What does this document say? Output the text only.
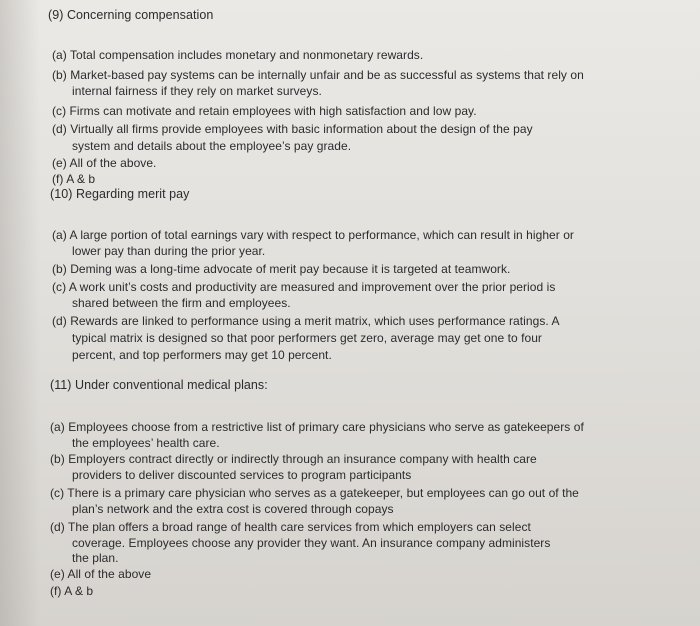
(9) Concerning compensation
(a) Total compensation includes monetary and nonmonetary rewards.
(b) Market-based pay systems can be internally unfair and be as successful as systems that rely on
internal fairness if they rely on market surveys.
(c) Firms can motivate and retain employees with high satisfaction and low pay.
(d) Virtually all firms provide employees with basic information about the design of the pay
system and details about the employee’s pay grade.
(e) All of the above.
(f) A & b
(10) Regarding merit pay
(a) A large portion of total earnings vary with respect to performance, which can result in higher or
lower pay than during the prior year.
(b) Deming was a long-time advocate of merit pay because it is targeted at teamwork.
(c) A work unit’s costs and productivity are measured and improvement over the prior period is
shared between the firm and employees.
(d) Rewards are linked to performance using a merit matrix, which uses performance ratings. A
typical matrix is designed so that poor performers get zero, average may get one to four
percent, and top performers may get 10 percent.
(11) Under conventional medical plans:
(a) Employees choose from a restrictive list of primary care physicians who serve as gatekeepers of
the employees’ health care.
(b) Employers contract directly or indirectly through an insurance company with health care
providers to deliver discounted services to program participants
(c) There is a primary care physician who serves as a gatekeeper, but employees can go out of the
plan’s network and the extra cost is covered through copays
(d) The plan offers a broad range of health care services from which employers can select
coverage. Employees choose any provider they want. An insurance company administers
the plan.
(e) All of the above
(f) A & b
